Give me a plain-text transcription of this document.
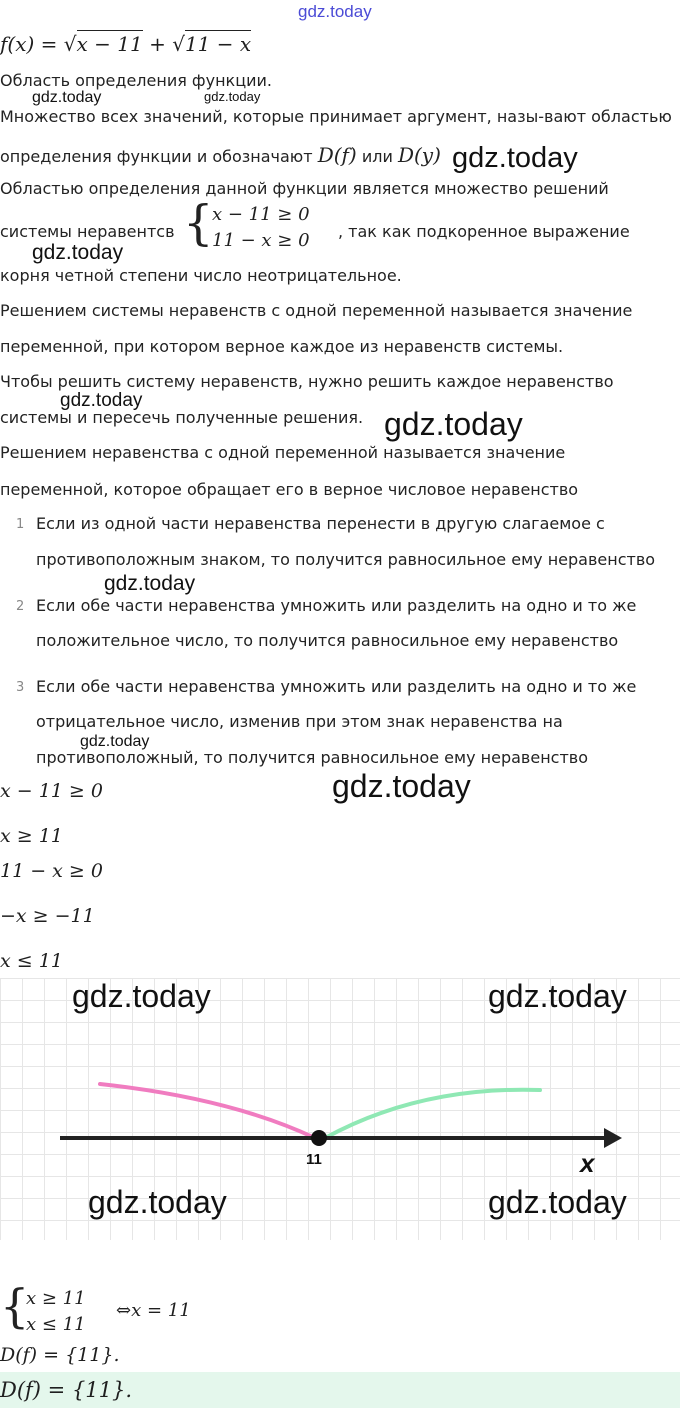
gdz.today
f(x) = √x − 11 + √11 − x
Область определения функции.
gdz.today	gdz.today
Множество всех значений, которые принимает аргумент, назы-вают областью
определения функции и обозначают D(f) или D(y) gdz.today
Областью определения данной функции является множество решений
системы неравентсв {
x − 11 ≥ 0
11 − x ≥ 0 , так как подкоренное выражение
gdz.today
корня четной степени число неотрицательное.
Решением системы неравенств с одной переменной называется значение
переменной, при котором верное каждое из неравенств системы.
Чтобы решить систему неравенств, нужно решить каждое неравенство
gdz.today
системы и пересечь полученные решения. gdz.today
Решением неравенства с одной переменной называется значение
переменной, которое обращает его в верное числовое неравенство
1 Если из одной части неравенства перенести в другую слагаемое с
противоположным знаком, то получится равносильное ему неравенство
gdz.today
2 Если обе части неравенства умножить или разделить на одно и то же
положительное число, то получится равносильное ему неравенство
3 Если обе части неравенства умножить или разделить на одно и то же
отрицательное число, изменив при этом знак неравенства на
gdz.today
противоположный, то получится равносильное ему неравенство
x − 11 ≥ 0	gdz.today
x ≥ 11
11 − x ≥ 0
−x ≥ −11
x ≤ 11
gdz.today	gdz.today
11	x
gdz.today	gdz.today
{
x ≥ 11
x ≤ 11
⇔x = 11
D(f) = {11}.
D(f) = {11}.
